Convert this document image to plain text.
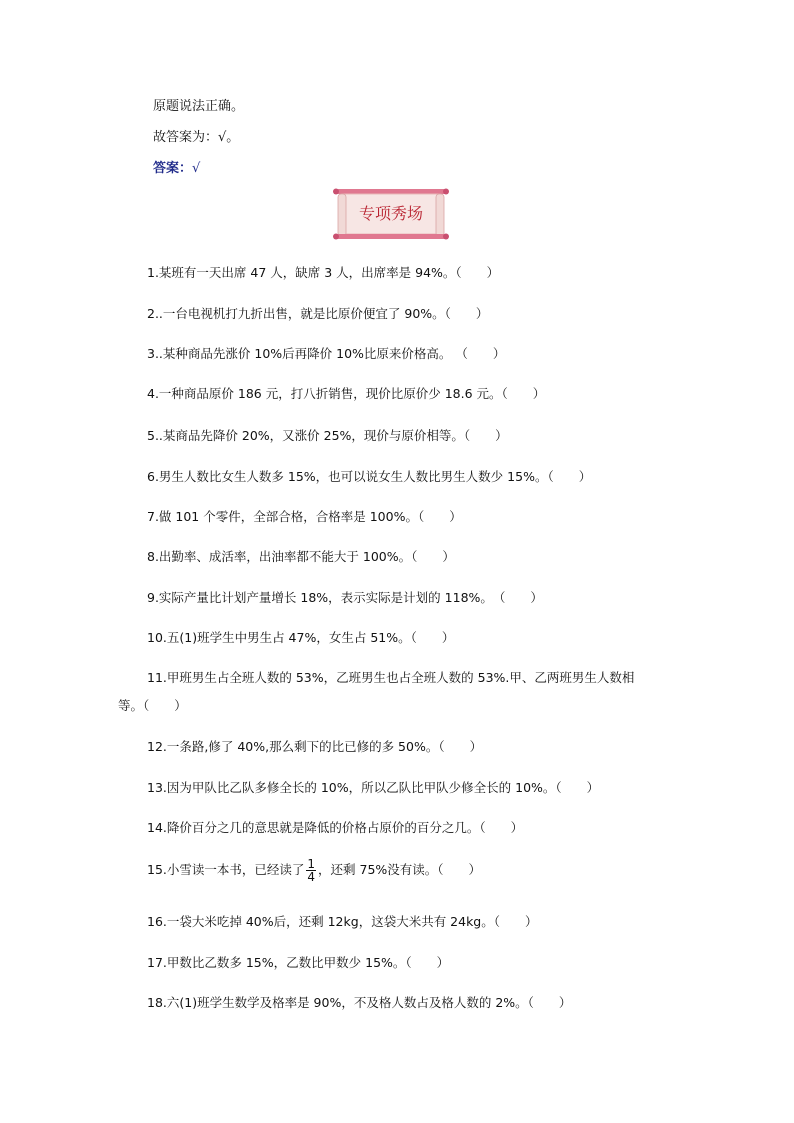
原题说法正确。
故答案为：√。
答案：√
专项秀场
1.某班有一天出席 47 人，缺席 3 人，出席率是 94%。（　　）
2..一台电视机打九折出售，就是比原价便宜了 90%。（　　）
3..某种商品先涨价 10%后再降价 10%比原来价格高。 （　　）
4.一种商品原价 186 元，打八折销售，现价比原价少 18.6 元。（　　）
5..某商品先降价 20%，又涨价 25%，现价与原价相等。（　　）
6.男生人数比女生人数多 15%，也可以说女生人数比男生人数少 15%。（　　）
7.做 101 个零件，全部合格，合格率是 100%。（　　）
8.出勤率、成活率，出油率都不能大于 100%。（　　）
9.实际产量比计划产量增长 18%，表示实际是计划的 118%。　（　　）
10.五(1)班学生中男生占 47%，女生占 51%。（　　）
11.甲班男生占全班人数的 53%，乙班男生也占全班人数的 53%.甲、乙两班男生人数相等。（　　）
12.一条路,修了 40%,那么剩下的比已修的多 50%。（　　）
13.因为甲队比乙队多修全长的 10%，所以乙队比甲队少修全长的 10%。（　　）
14.降价百分之几的意思就是降低的价格占原价的百分之几。（　　）
15.小雪读一本书，已经读了 $\frac{1}{4}$ ，还剩 75%没有读。（　　）
16.一袋大米吃掉 40%后，还剩 12kg，这袋大米共有 24kg。（　　）
17.甲数比乙数多 15%，乙数比甲数少 15%。（　　）
18.六(1)班学生数学及格率是 90%，不及格人数占及格人数的 2%。（　　）
